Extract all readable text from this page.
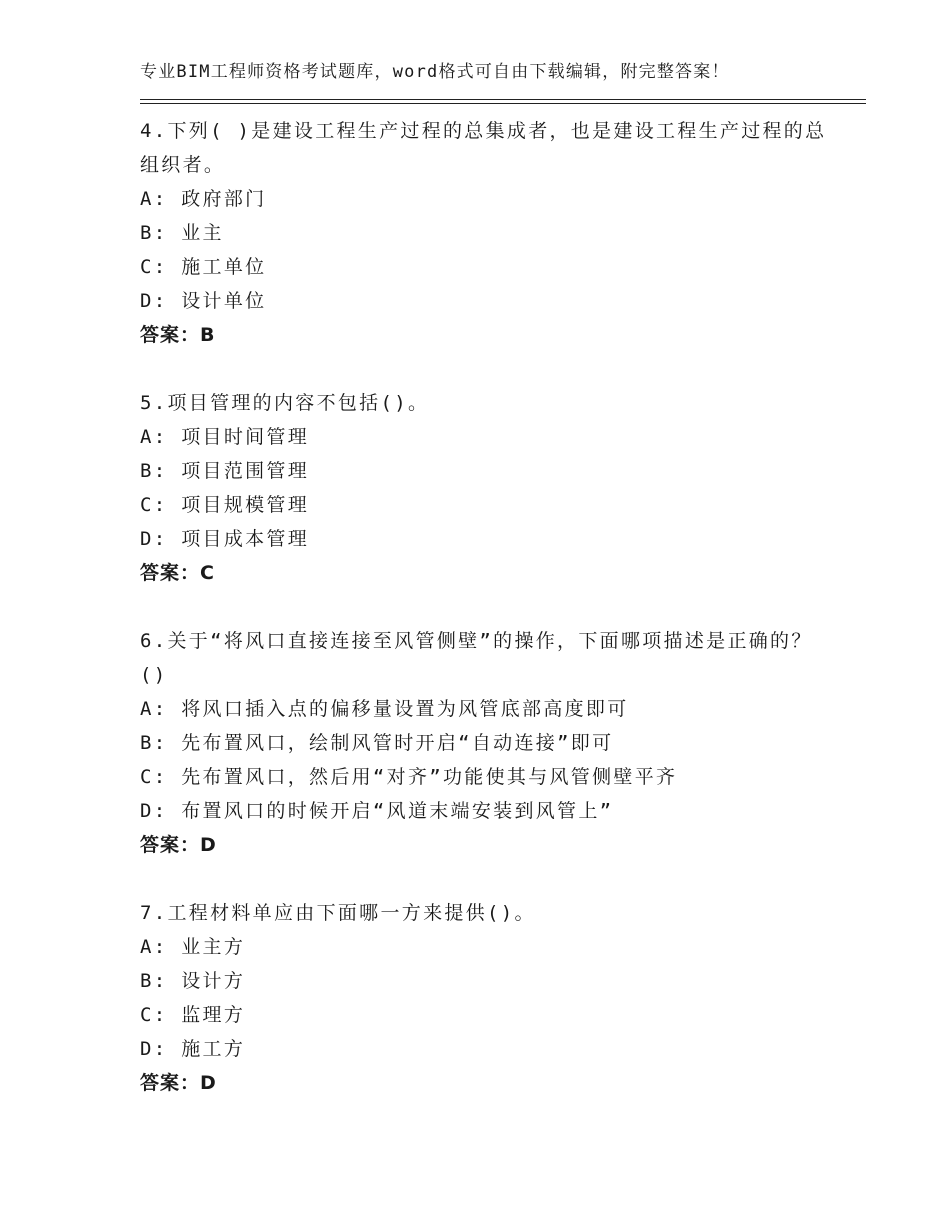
专业BIM工程师资格考试题库，word格式可自由下载编辑，附完整答案！

4.下列( )是建设工程生产过程的总集成者，也是建设工程生产过程的总组织者。

A: 政府部门

B: 业主

C: 施工单位

D: 设计单位

答案：B

5.项目管理的内容不包括()。

A: 项目时间管理

B: 项目范围管理

C: 项目规模管理

D: 项目成本管理

答案：C

6.关于“将风口直接连接至风管侧壁”的操作，下面哪项描述是正确的？()

A: 将风口插入点的偏移量设置为风管底部高度即可

B: 先布置风口，绘制风管时开启“自动连接”即可

C: 先布置风口，然后用“对齐”功能使其与风管侧壁平齐

D: 布置风口的时候开启“风道末端安装到风管上”

答案：D

7.工程材料单应由下面哪一方来提供()。

A: 业主方

B: 设计方

C: 监理方

D: 施工方

答案：D
